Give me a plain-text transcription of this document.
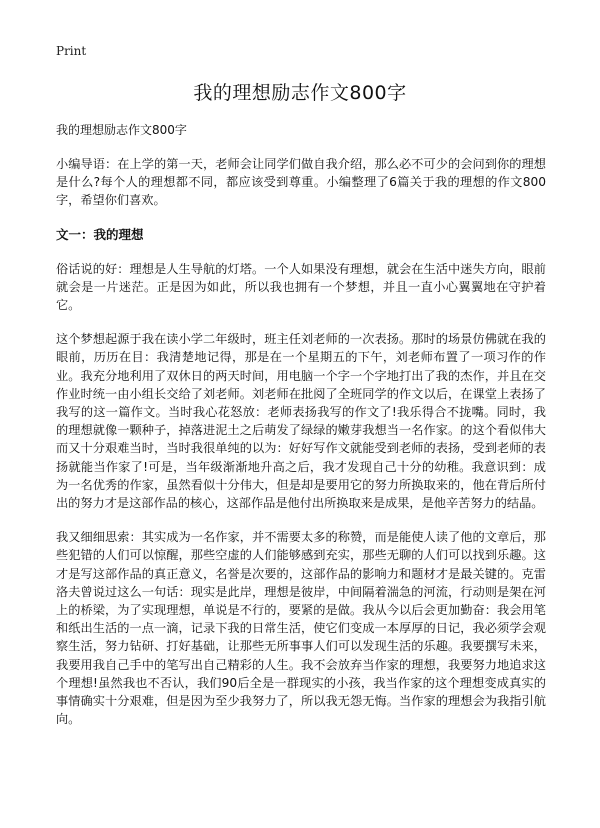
Print
我的理想励志作文800字

我的理想励志作文800字

小编导语：在上学的第一天，老师会让同学们做自我介绍，那么必不可少的会问到你的理想是什么?每个人的理想都不同，都应该受到尊重。小编整理了6篇关于我的理想的作文800字，希望你们喜欢。

文一：我的理想

俗话说的好：理想是人生导航的灯塔。一个人如果没有理想，就会在生活中迷失方向，眼前就会是一片迷茫。正是因为如此，所以我也拥有一个梦想，并且一直小心翼翼地在守护着它。

这个梦想起源于我在读小学二年级时，班主任刘老师的一次表扬。那时的场景仿佛就在我的眼前，历历在目：我清楚地记得，那是在一个星期五的下午，刘老师布置了一项习作的作业。我充分地利用了双休日的两天时间，用电脑一个字一个字地打出了我的杰作，并且在交作业时统一由小组长交给了刘老师。刘老师在批阅了全班同学的作文以后，在课堂上表扬了我写的这一篇作文。当时我心花怒放：老师表扬我写的作文了!我乐得合不拢嘴。同时，我的理想就像一颗种子，掉落进泥土之后萌发了绿绿的嫩芽我想当一名作家。的这个看似伟大而又十分艰难当时，当时我很单纯的以为：好好写作文就能受到老师的表扬，受到老师的表扬就能当作家了!可是，当年级渐渐地升高之后，我才发现自己十分的幼稚。我意识到：成为一名优秀的作家，虽然看似十分伟大，但是却是要用它的努力所换取来的，他在背后所付出的努力才是这部作品的核心，这部作品是他付出所换取来是成果，是他辛苦努力的结晶。

我又细细思索：其实成为一名作家，并不需要太多的称赞，而是能使人读了他的文章后，那些犯错的人们可以惊醒，那些空虚的人们能够感到充实，那些无聊的人们可以找到乐趣。这才是写这部作品的真正意义，名誉是次要的，这部作品的影响力和题材才是最关键的。克雷洛夫曾说过这么一句话：现实是此岸，理想是彼岸，中间隔着湍急的河流，行动则是架在河上的桥梁，为了实现理想，单说是不行的，要紧的是做。我从今以后会更加勤奋：我会用笔和纸出生活的一点一滴，记录下我的日常生活，使它们变成一本厚厚的日记，我必须学会观察生活，努力钻研、打好基础，让那些无所事事人们可以发现生活的乐趣。我要撰写未来，我要用我自己手中的笔写出自己精彩的人生。我不会放弃当作家的理想，我要努力地追求这个理想!虽然我也不否认，我们90后全是一群现实的小孩，我当作家的这个理想变成真实的事情确实十分艰难，但是因为至少我努力了，所以我无怨无悔。当作家的理想会为我指引航向。
